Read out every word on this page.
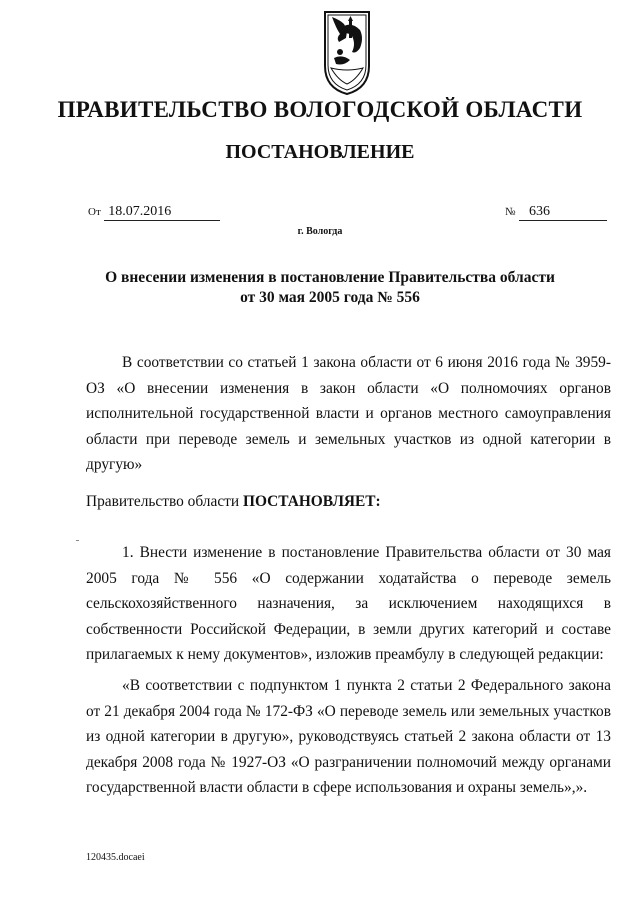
ПРАВИТЕЛЬСТВО ВОЛОГОДСКОЙ ОБЛАСТИ
ПОСТАНОВЛЕНИЕ
От 18.07.2016	№ 636
г. Вологда
О внесении изменения в постановление Правительства области
от 30 мая 2005 года № 556
В соответствии со статьей 1 закона области от 6 июня 2016 года № 3959-ОЗ «О внесении изменения в закон области «О полномочиях органов исполнительной государственной власти и органов местного самоуправления области при переводе земель и земельных участков из одной категории в другую»
Правительство области ПОСТАНОВЛЯЕТ:
1. Внести изменение в постановление Правительства области от 30 мая 2005 года № 556 «О содержании ходатайства о переводе земель сельскохозяйственного назначения, за исключением находящихся в собственности Российской Федерации, в земли других категорий и составе прилагаемых к нему документов», изложив преамбулу в следующей редакции:
«В соответствии с подпунктом 1 пункта 2 статьи 2 Федерального закона от 21 декабря 2004 года № 172-ФЗ «О переводе земель или земельных участков из одной категории в другую», руководствуясь статьей 2 закона области от 13 декабря 2008 года № 1927-ОЗ «О разграничении полномочий между органами государственной власти области в сфере использования и охраны земель»,».
120435.docaei
